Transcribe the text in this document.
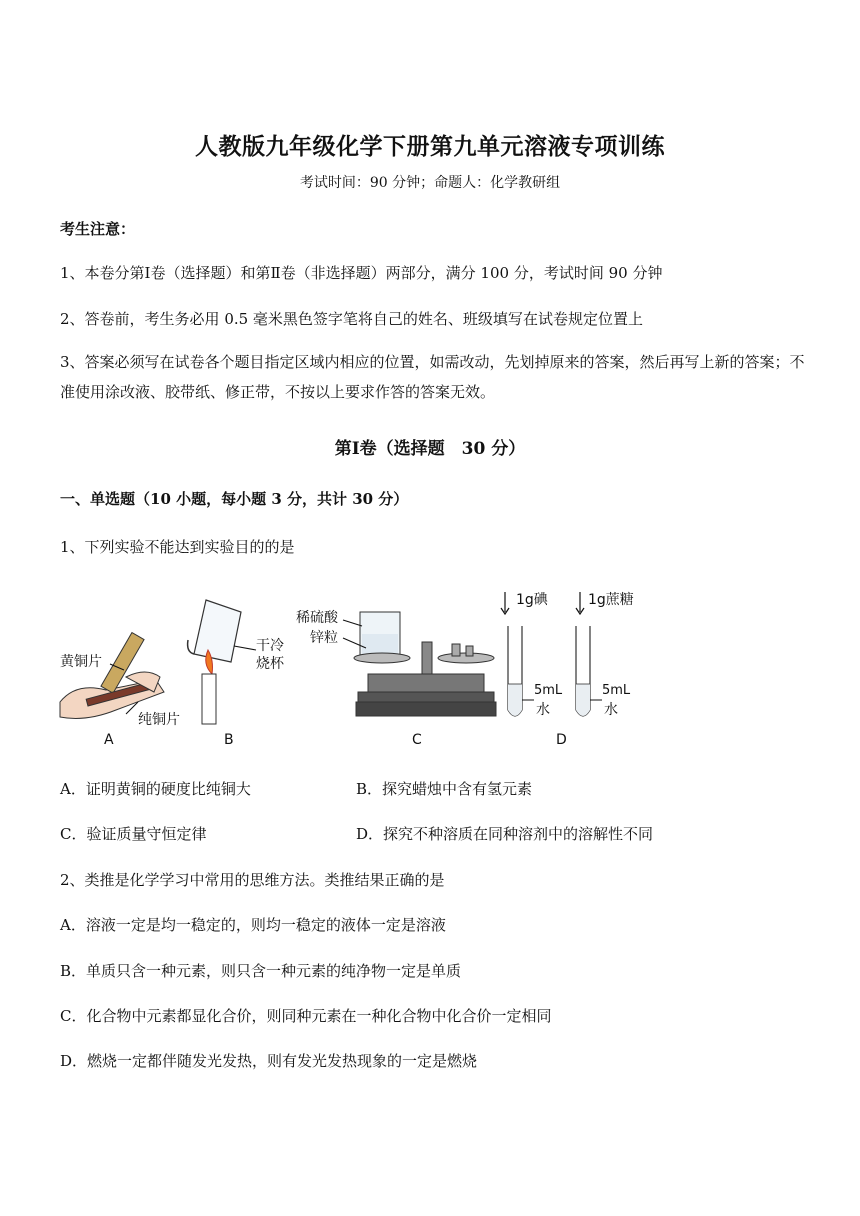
人教版九年级化学下册第九单元溶液专项训练
考试时间：90 分钟；命题人：化学教研组
考生注意：
1、本卷分第Ⅰ卷（选择题）和第Ⅱ卷（非选择题）两部分，满分 100 分，考试时间 90 分钟
2、答卷前，考生务必用 0.5 毫米黑色签字笔将自己的姓名、班级填写在试卷规定位置上
3、答案必须写在试卷各个题目指定区域内相应的位置，如需改动，先划掉原来的答案，然后再写上新的答案；不准使用涂改液、胶带纸、修正带，不按以上要求作答的答案无效。
第Ⅰ卷（选择题　30 分）
一、单选题（10 小题，每小题 3 分，共计 30 分）
1、下列实验不能达到实验目的的是
黄铜片
纯铜片
干冷
烧杯
稀硫酸
锌粒
1g碘	1g蔗糖
5mL
水
5mL
水
A	B	C	D
A．证明黄铜的硬度比纯铜大	B．探究蜡烛中含有氢元素
C．验证质量守恒定律	D．探究不种溶质在同种溶剂中的溶解性不同
2、类推是化学学习中常用的思维方法。类推结果正确的是
A．溶液一定是均一稳定的，则均一稳定的液体一定是溶液
B．单质只含一种元素，则只含一种元素的纯净物一定是单质
C．化合物中元素都显化合价，则同种元素在一种化合物中化合价一定相同
D．燃烧一定都伴随发光发热，则有发光发热现象的一定是燃烧
